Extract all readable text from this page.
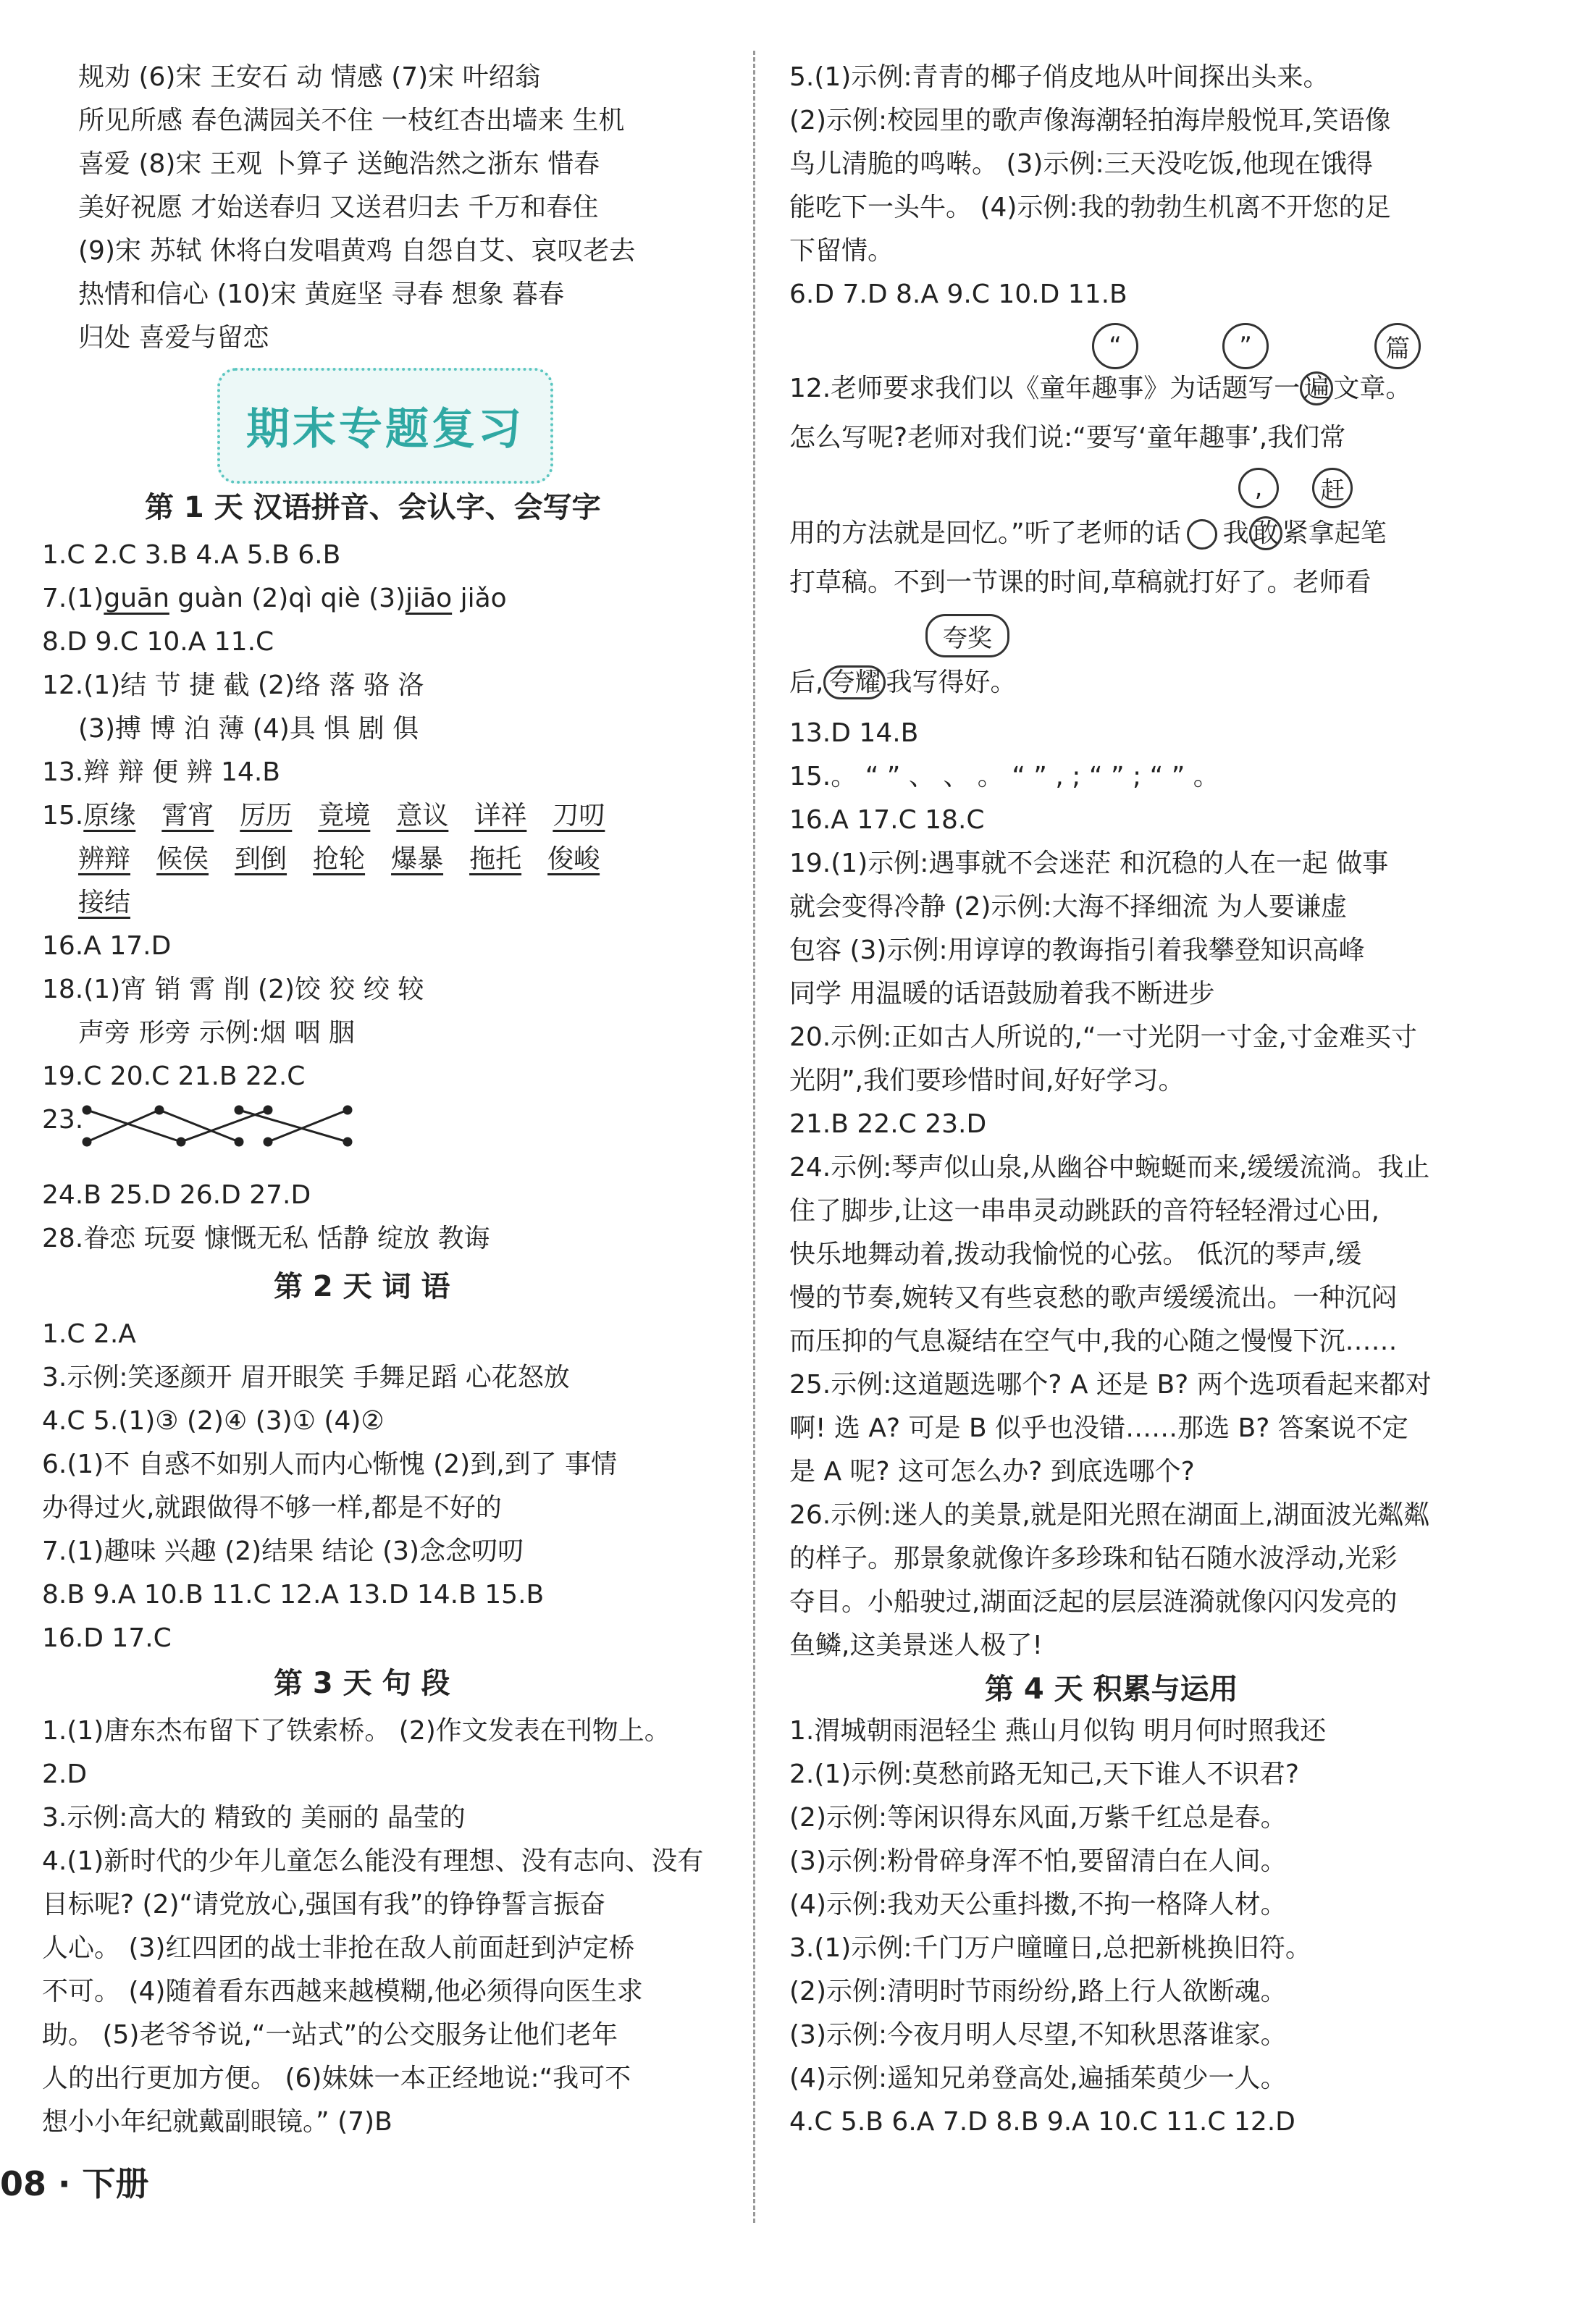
规劝 (6)宋 王安石 动 情感 (7)宋 叶绍翁
所见所感 春色满园关不住 一枝红杏出墙来 生机
喜爱 (8)宋 王观 卜算子 送鲍浩然之浙东 惜春
美好祝愿 才始送春归 又送君归去 千万和春住
(9)宋 苏轼 休将白发唱黄鸡 自怨自艾、哀叹老去
热情和信心 (10)宋 黄庭坚 寻春 想象 暮春
归处 喜爱与留恋
期末专题复习
第 1 天 汉语拼音、会认字、会写字
1.C 2.C 3.B 4.A 5.B 6.B
7.(1)guān guàn (2)qì qiè (3)jiāo jiǎo
8.D 9.C 10.A 11.C
12.(1)结 节 捷 截 (2)络 落 骆 洛
(3)搏 博 泊 薄 (4)具 惧 剧 俱
13.辫 辩 便 辨 14.B
15.原缘 霄宵 厉历 竟境 意议 详祥 刀叨
辨辩 候侯 到倒 抢轮 爆暴 拖托 俊峻
接结
16.A 17.D
18.(1)宵 销 霄 削 (2)饺 狡 绞 较
声旁 形旁 示例:烟 咽 胭
19.C 20.C 21.B 22.C
23.
24.B 25.D 26.D 27.D
28.眷恋 玩耍 慷慨无私 恬静 绽放 教诲
第 2 天 词 语
1.C 2.A
3.示例:笑逐颜开 眉开眼笑 手舞足蹈 心花怒放
4.C 5.(1)③ (2)④ (3)① (4)②
6.(1)不 自惑不如别人而内心惭愧 (2)到,到了 事情
办得过火,就跟做得不够一样,都是不好的
7.(1)趣味 兴趣 (2)结果 结论 (3)念念叨叨
8.B 9.A 10.B 11.C 12.A 13.D 14.B 15.B
16.D 17.C
第 3 天 句 段
1.(1)唐东杰布留下了铁索桥。 (2)作文发表在刊物上。
2.D
3.示例:高大的 精致的 美丽的 晶莹的
4.(1)新时代的少年儿童怎么能没有理想、没有志向、没有
目标呢? (2)“请党放心,强国有我”的铮铮誓言振奋
人心。 (3)红四团的战士非抢在敌人前面赶到泸定桥
不可。 (4)随着看东西越来越模糊,他必须得向医生求
助。 (5)老爷爷说,“一站式”的公交服务让他们老年
人的出行更加方便。 (6)妹妹一本正经地说:“我可不
想小小年纪就戴副眼镜。” (7)B
5.(1)示例:青青的椰子俏皮地从叶间探出头来。
(2)示例:校园里的歌声像海潮轻拍海岸般悦耳,笑语像
鸟儿清脆的鸣啭。 (3)示例:三天没吃饭,他现在饿得
能吃下一头牛。 (4)示例:我的勃勃生机离不开您的足
下留情。
6.D 7.D 8.A 9.C 10.D 11.B
“	”	篇
12.老师要求我们以《童年趣事》为话题写一 遍 文章。
怎么写呢?老师对我们说:“要写‘童年趣事’,我们常
,	赶
用的方法就是回忆。”听了老师的话 我 敢 紧拿起笔
打草稿。不到一节课的时间,草稿就打好了。老师看
夸奖
后, 夸耀 我写得好。
13.D 14.B
15.。 “ ” 、 、 。 “ ” , ; “ ” ; “ ” 。
16.A 17.C 18.C
19.(1)示例:遇事就不会迷茫 和沉稳的人在一起 做事
就会变得冷静 (2)示例:大海不择细流 为人要谦虚
包容 (3)示例:用谆谆的教诲指引着我攀登知识高峰
同学 用温暖的话语鼓励着我不断进步
20.示例:正如古人所说的,“一寸光阴一寸金,寸金难买寸
光阴”,我们要珍惜时间,好好学习。
21.B 22.C 23.D
24.示例:琴声似山泉,从幽谷中蜿蜒而来,缓缓流淌。我止
住了脚步,让这一串串灵动跳跃的音符轻轻滑过心田,
快乐地舞动着,拨动我愉悦的心弦。 低沉的琴声,缓
慢的节奏,婉转又有些哀愁的歌声缓缓流出。一种沉闷
而压抑的气息凝结在空气中,我的心随之慢慢下沉……
25.示例:这道题选哪个? A 还是 B? 两个选项看起来都对
啊! 选 A? 可是 B 似乎也没错……那选 B? 答案说不定
是 A 呢? 这可怎么办? 到底选哪个?
26.示例:迷人的美景,就是阳光照在湖面上,湖面波光粼粼
的样子。那景象就像许多珍珠和钻石随水波浮动,光彩
夺目。小船驶过,湖面泛起的层层涟漪就像闪闪发亮的
鱼鳞,这美景迷人极了!
第 4 天 积累与运用
1.渭城朝雨浥轻尘 燕山月似钩 明月何时照我还
2.(1)示例:莫愁前路无知己,天下谁人不识君?
(2)示例:等闲识得东风面,万紫千红总是春。
(3)示例:粉骨碎身浑不怕,要留清白在人间。
(4)示例:我劝天公重抖擞,不拘一格降人材。
3.(1)示例:千门万户曈曈日,总把新桃换旧符。
(2)示例:清明时节雨纷纷,路上行人欲断魂。
(3)示例:今夜月明人尽望,不知秋思落谁家。
(4)示例:遥知兄弟登高处,遍插茱萸少一人。
4.C 5.B 6.A 7.D 8.B 9.A 10.C 11.C 12.D
08 · 下册
